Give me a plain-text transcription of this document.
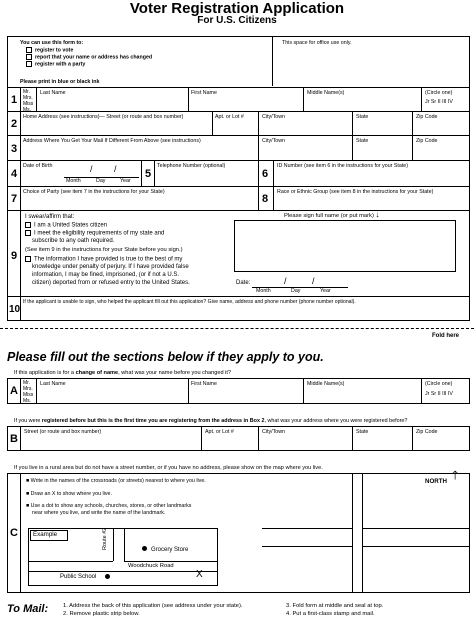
Voter Registration Application
For U.S. Citizens
You can use this form to:
register to vote
report that your name or address has changed
register with a party
This space for office use only.
Please print in blue or black ink
1
Mr.
Mrs.
Miss
Ms.
Last Name	First Name	Middle Name(s)	(Circle one)
Jr Sr II III IV
2
Home Address (see instructions)— Street (or route and box number)	Apt. or Lot #	City/Town	State	Zip Code
3
Address Where You Get Your Mail If Different From Above (see instructions)	City/Town	State	Zip Code
4
Date of Birth	/ /
Month	Day	Year
5
Telephone Number (optional)
6
ID Number (see item 6 in the instructions for your State)
7
Choice of Party (see item 7 in the instructions for your State)
8
Race or Ethnic Group (see item 8 in the instructions for your State)
9
I swear/affirm that:
I am a United States citizen
I meet the eligibility requirements of my state and
subscribe to any oath required.
(See item 9 in the instructions for your State before you sign.)
The information I have provided is true to the best of my
knowledge under penalty of perjury. If I have provided false
information, I may be fined, imprisoned, (or if not a U.S.
citizen) deported from or refused entry to the United States.
Please sign full name (or put mark) ↓
Date:	/	/
Month	Day	Year
10
If the applicant is unable to sign, who helped the applicant fill out this application? Give name, address and phone number (phone number optional).
Fold here
Please fill out the sections below if they apply to you.
If this application is for a change of name, what was your name before you changed it?
A
Mr.
Mrs.
Miss
Ms.
Last Name	First Name	Middle Name(s)	(Circle one)
Jr Sr II III IV
If you were registered before but this is the first time you are registering from the address in Box 2, what was your address where you were registered before?
B
Street (or route and box number)	Apt. or Lot #	City/Town	State	Zip Code
If you live in a rural area but do not have a street number, or if you have no address, please show on the map where you live.
C
■ Write in the names of the crossroads (or streets) nearest to where you live.
■ Draw an X to show where you live.
■ Use a dot to show any schools, churches, stores, or other landmarks
near where you live, and write the name of the landmark.
Example	Route #2
Woodchuck Road
Grocery Store
Public School	X
NORTH 🡑
To Mail:	1. Address the back of this application (see address under your state).
2. Remove plastic strip below.
3. Fold form at middle and seal at top.
4. Put a first-class stamp and mail.
